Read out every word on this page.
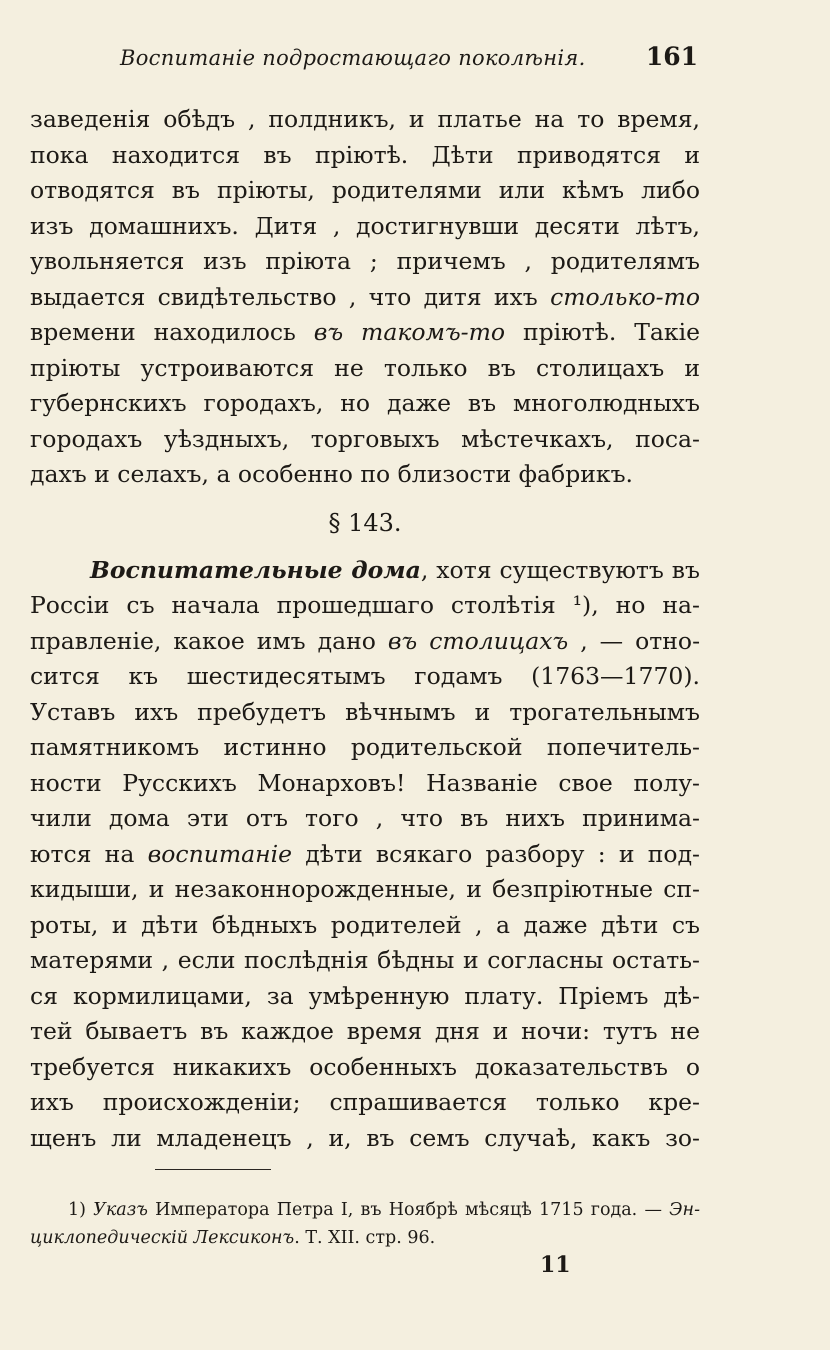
Воспитаніе подростающаго поколѣнія. 161
заведенія обѣдъ , полдникъ, и платье на то время,
пока находится въ пріютѣ. Дѣти приводятся и
отводятся въ пріюты, родителями или кѣмъ либо
изъ домашнихъ. Дитя , достигнувши десяти лѣтъ,
увольняется изъ пріюта ; причемъ , родителямъ
выдается свидѣтельство , что дитя ихъ столько-то
времени находилось въ такомъ-то пріютѣ. Такіе
пріюты устроиваются не только въ столицахъ и
губернскихъ городахъ, но даже въ многолюдныхъ
городахъ уѣздныхъ, торговыхъ мѣстечкахъ, поса-
дахъ и селахъ, а особенно по близости фабрикъ.
§ 143.
Воспитательные дома, хотя существуютъ въ
Россіи съ начала прошедшаго столѣтія ¹), но на-
правленіе, какое имъ дано въ столицахъ , — отно-
сится къ шестидесятымъ годамъ (1763—1770).
Уставъ ихъ пребудетъ вѣчнымъ и трогательнымъ
памятникомъ истинно родительской попечитель-
ности Русскихъ Монарховъ! Названіе свое полу-
чили дома эти отъ того , что въ нихъ принима-
ются на воспитаніе дѣти всякаго разбору : и под-
кидыши, и незаконнорожденные, и безпріютные сп-
роты, и дѣти бѣдныхъ родителей , а даже дѣти съ
матерями , если послѣднія бѣдны и согласны остать-
ся кормилицами, за умѣренную плату. Пріемъ дѣ-
тей бываетъ въ каждое время дня и ночи: тутъ не
требуется никакихъ особенныхъ доказательствъ о
ихъ происхожденіи; спрашивается только кре-
щенъ ли младенецъ , и, въ семъ случаѣ, какъ зо-
1) Указъ Императора Петра I, въ Ноябрѣ мѣсяцѣ 1715 года. — Эн-
циклопедическій Лексиконъ. Т. XII. стр. 96.
11
